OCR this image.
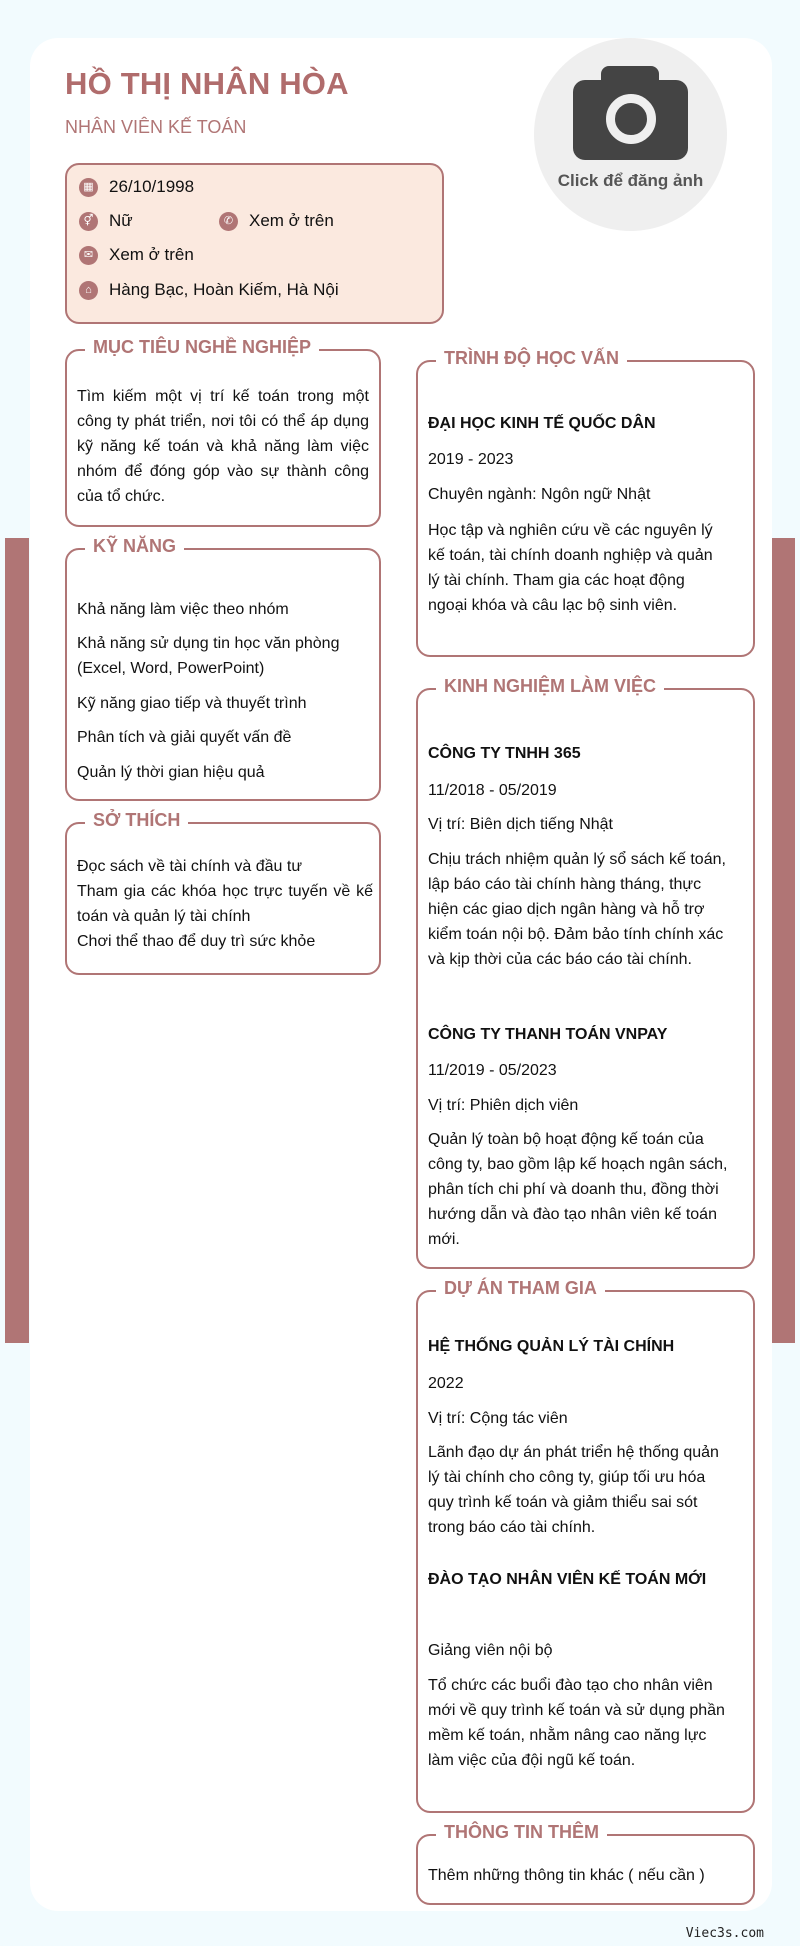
HỒ THỊ NHÂN HÒA
NHÂN VIÊN KẾ TOÁN
Click để đăng ảnh
▦ 26/10/1998
⚥ Nữ	✆ Xem ở trên
✉ Xem ở trên
⌂	Hàng Bạc, Hoàn Kiếm, Hà Nội
MỤC TIÊU NGHỀ NGHIỆP
Tìm kiếm một vị trí kế toán trong một công ty phát triển, nơi tôi có thể áp dụng kỹ năng kế toán và khả năng làm việc nhóm để đóng góp vào sự thành công của tổ chức.
KỸ NĂNG
Khả năng làm việc theo nhóm
Khả năng sử dụng tin học văn phòng (Excel, Word, PowerPoint)
Kỹ năng giao tiếp và thuyết trình
Phân tích và giải quyết vấn đề
Quản lý thời gian hiệu quả
SỞ THÍCH
Đọc sách về tài chính và đầu tư
Tham gia các khóa học trực tuyến về kế toán và quản lý tài chính
Chơi thể thao để duy trì sức khỏe
TRÌNH ĐỘ HỌC VẤN
ĐẠI HỌC KINH TẾ QUỐC DÂN
2019 - 2023
Chuyên ngành: Ngôn ngữ Nhật
Học tập và nghiên cứu về các nguyên lý kế toán, tài chính doanh nghiệp và quản lý tài chính. Tham gia các hoạt động ngoại khóa và câu lạc bộ sinh viên.
KINH NGHIỆM LÀM VIỆC
CÔNG TY TNHH 365
11/2018 - 05/2019
Vị trí: Biên dịch tiếng Nhật
Chịu trách nhiệm quản lý sổ sách kế toán, lập báo cáo tài chính hàng tháng, thực hiện các giao dịch ngân hàng và hỗ trợ kiểm toán nội bộ. Đảm bảo tính chính xác và kịp thời của các báo cáo tài chính.
CÔNG TY THANH TOÁN VNPAY
11/2019 - 05/2023
Vị trí: Phiên dịch viên
Quản lý toàn bộ hoạt động kế toán của công ty, bao gồm lập kế hoạch ngân sách, phân tích chi phí và doanh thu, đồng thời hướng dẫn và đào tạo nhân viên kế toán mới.
DỰ ÁN THAM GIA
HỆ THỐNG QUẢN LÝ TÀI CHÍNH
2022
Vị trí: Cộng tác viên
Lãnh đạo dự án phát triển hệ thống quản lý tài chính cho công ty, giúp tối ưu hóa quy trình kế toán và giảm thiểu sai sót trong báo cáo tài chính.
ĐÀO TẠO NHÂN VIÊN KẾ TOÁN MỚI
Giảng viên nội bộ
Tổ chức các buổi đào tạo cho nhân viên mới về quy trình kế toán và sử dụng phần mềm kế toán, nhằm nâng cao năng lực làm việc của đội ngũ kế toán.
THÔNG TIN THÊM
Thêm những thông tin khác ( nếu cần )
Viec3s.com
